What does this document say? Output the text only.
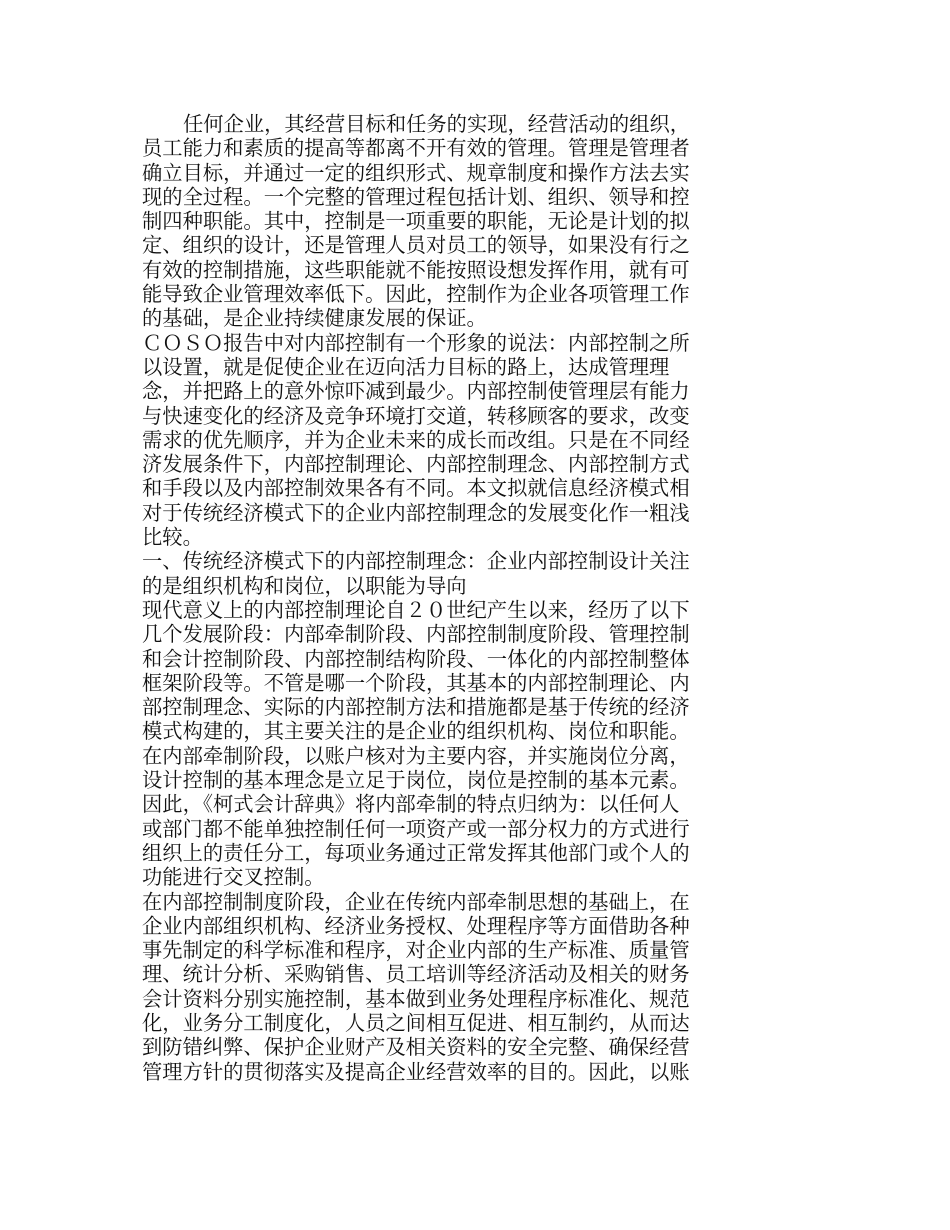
任何企业，其经营目标和任务的实现，经营活动的组织，
员工能力和素质的提高等都离不开有效的管理。管理是管理者
确立目标，并通过一定的组织形式、规章制度和操作方法去实
现的全过程。一个完整的管理过程包括计划、组织、领导和控
制四种职能。其中，控制是一项重要的职能，无论是计划的拟
定、组织的设计，还是管理人员对员工的领导，如果没有行之
有效的控制措施，这些职能就不能按照设想发挥作用，就有可
能导致企业管理效率低下。因此，控制作为企业各项管理工作
的基础，是企业持续健康发展的保证。
ＣＯＳＯ报告中对内部控制有一个形象的说法：内部控制之所
以设置，就是促使企业在迈向活力目标的路上，达成管理理
念，并把路上的意外惊吓减到最少。内部控制使管理层有能力
与快速变化的经济及竞争环境打交道，转移顾客的要求，改变
需求的优先顺序，并为企业未来的成长而改组。只是在不同经
济发展条件下，内部控制理论、内部控制理念、内部控制方式
和手段以及内部控制效果各有不同。本文拟就信息经济模式相
对于传统经济模式下的企业内部控制理念的发展变化作一粗浅
比较。
一、传统经济模式下的内部控制理念：企业内部控制设计关注
的是组织机构和岗位，以职能为导向
现代意义上的内部控制理论自２０世纪产生以来，经历了以下
几个发展阶段：内部牵制阶段、内部控制制度阶段、管理控制
和会计控制阶段、内部控制结构阶段、一体化的内部控制整体
框架阶段等。不管是哪一个阶段，其基本的内部控制理论、内
部控制理念、实际的内部控制方法和措施都是基于传统的经济
模式构建的，其主要关注的是企业的组织机构、岗位和职能。
在内部牵制阶段，以账户核对为主要内容，并实施岗位分离，
设计控制的基本理念是立足于岗位，岗位是控制的基本元素。
因此，《柯式会计辞典》将内部牵制的特点归纳为：以任何人
或部门都不能单独控制任何一项资产或一部分权力的方式进行
组织上的责任分工，每项业务通过正常发挥其他部门或个人的
功能进行交叉控制。
在内部控制制度阶段，企业在传统内部牵制思想的基础上，在
企业内部组织机构、经济业务授权、处理程序等方面借助各种
事先制定的科学标准和程序，对企业内部的生产标准、质量管
理、统计分析、采购销售、员工培训等经济活动及相关的财务
会计资料分别实施控制，基本做到业务处理程序标准化、规范
化，业务分工制度化，人员之间相互促进、相互制约，从而达
到防错纠弊、保护企业财产及相关资料的安全完整、确保经营
管理方针的贯彻落实及提高企业经营效率的目的。因此，以账
